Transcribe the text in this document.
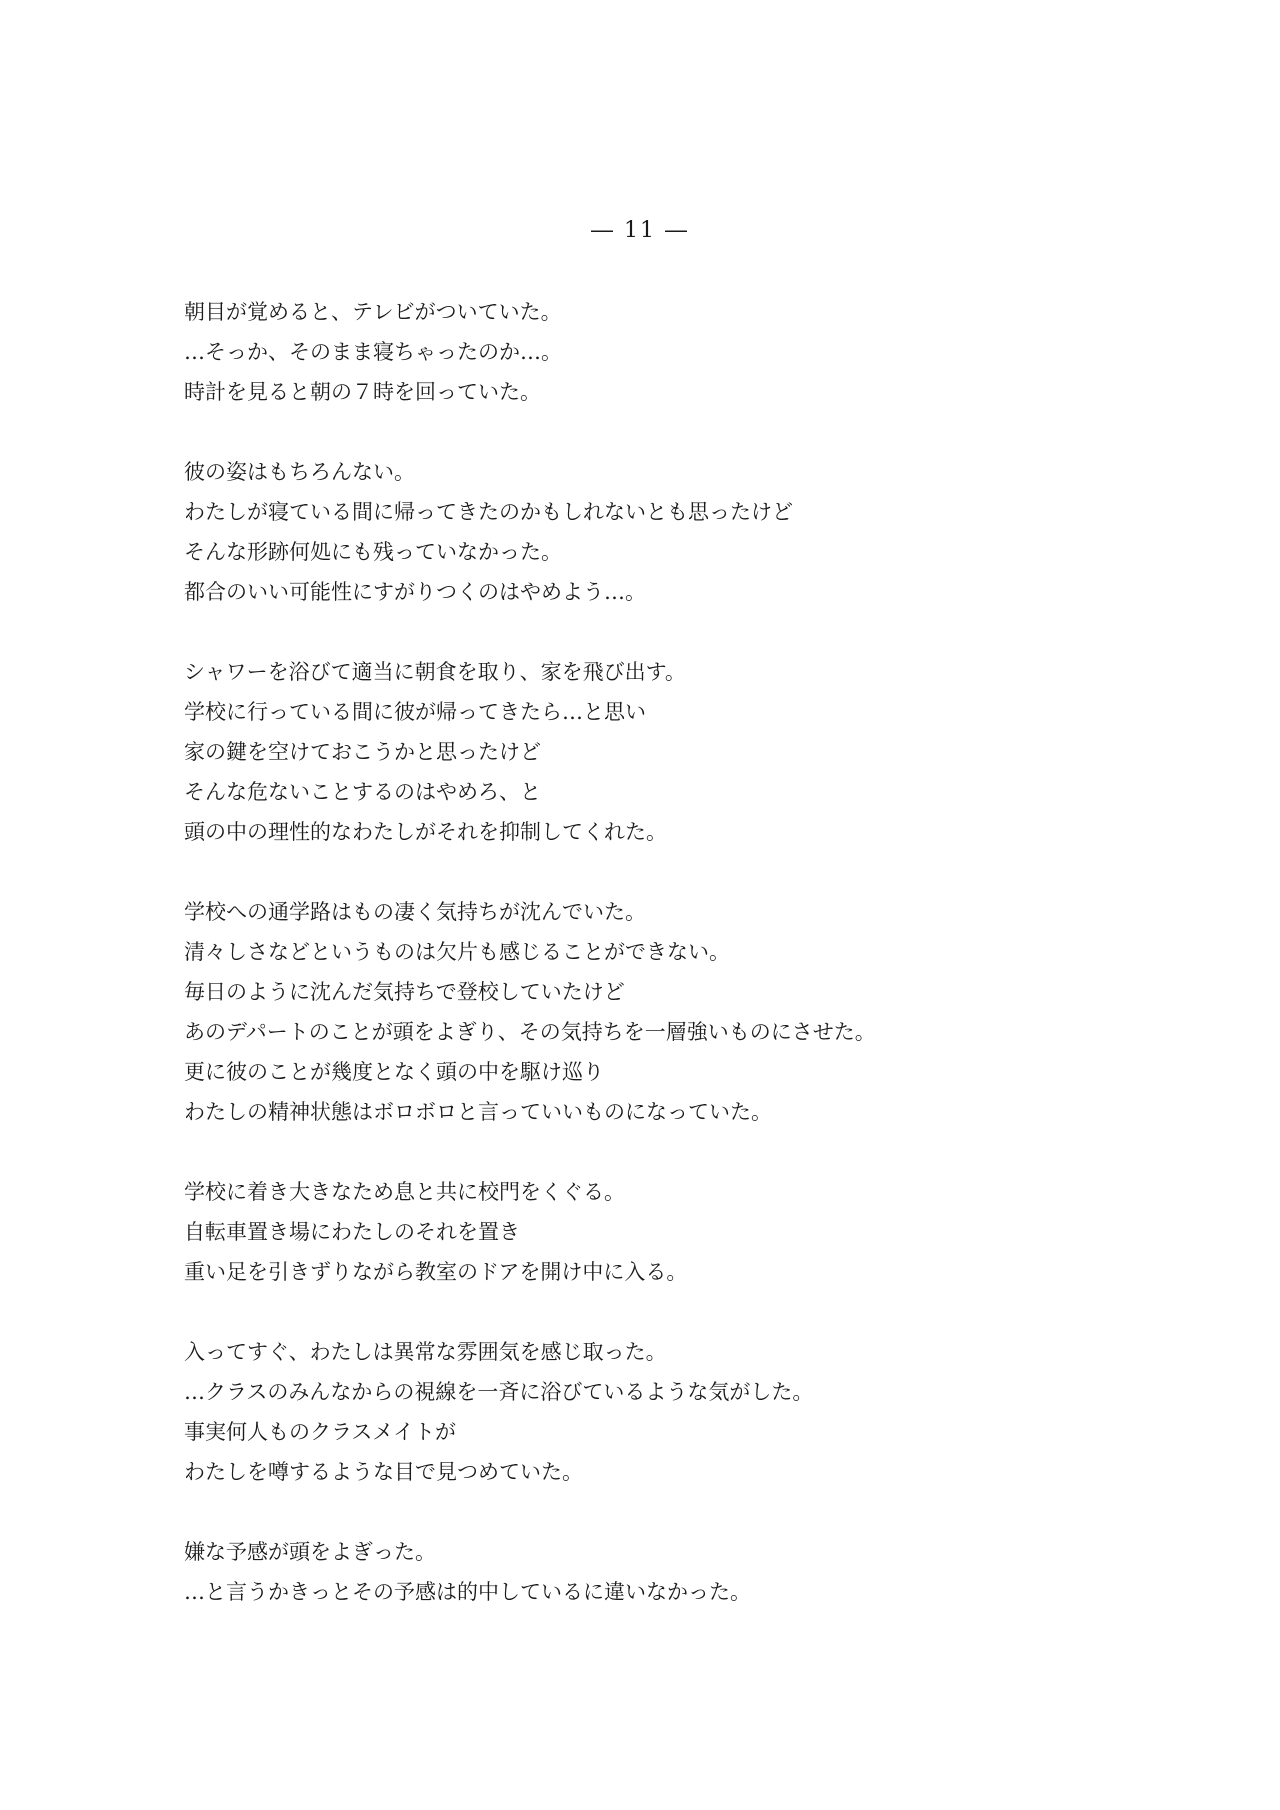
― 11 ―
朝目が覚めると、テレビがついていた。
…そっか、そのまま寝ちゃったのか…。
時計を見ると朝の７時を回っていた。
彼の姿はもちろんない。
わたしが寝ている間に帰ってきたのかもしれないとも思ったけど
そんな形跡何処にも残っていなかった。
都合のいい可能性にすがりつくのはやめよう…。
シャワーを浴びて適当に朝食を取り、家を飛び出す。
学校に行っている間に彼が帰ってきたら…と思い
家の鍵を空けておこうかと思ったけど
そんな危ないことするのはやめろ、と
頭の中の理性的なわたしがそれを抑制してくれた。
学校への通学路はもの凄く気持ちが沈んでいた。
清々しさなどというものは欠片も感じることができない。
毎日のように沈んだ気持ちで登校していたけど
あのデパートのことが頭をよぎり、その気持ちを一層強いものにさせた。
更に彼のことが幾度となく頭の中を駆け巡り
わたしの精神状態はボロボロと言っていいものになっていた。
学校に着き大きなため息と共に校門をくぐる。
自転車置き場にわたしのそれを置き
重い足を引きずりながら教室のドアを開け中に入る。
入ってすぐ、わたしは異常な雰囲気を感じ取った。
…クラスのみんなからの視線を一斉に浴びているような気がした。
事実何人ものクラスメイトが
わたしを噂するような目で見つめていた。
嫌な予感が頭をよぎった。
…と言うかきっとその予感は的中しているに違いなかった。
